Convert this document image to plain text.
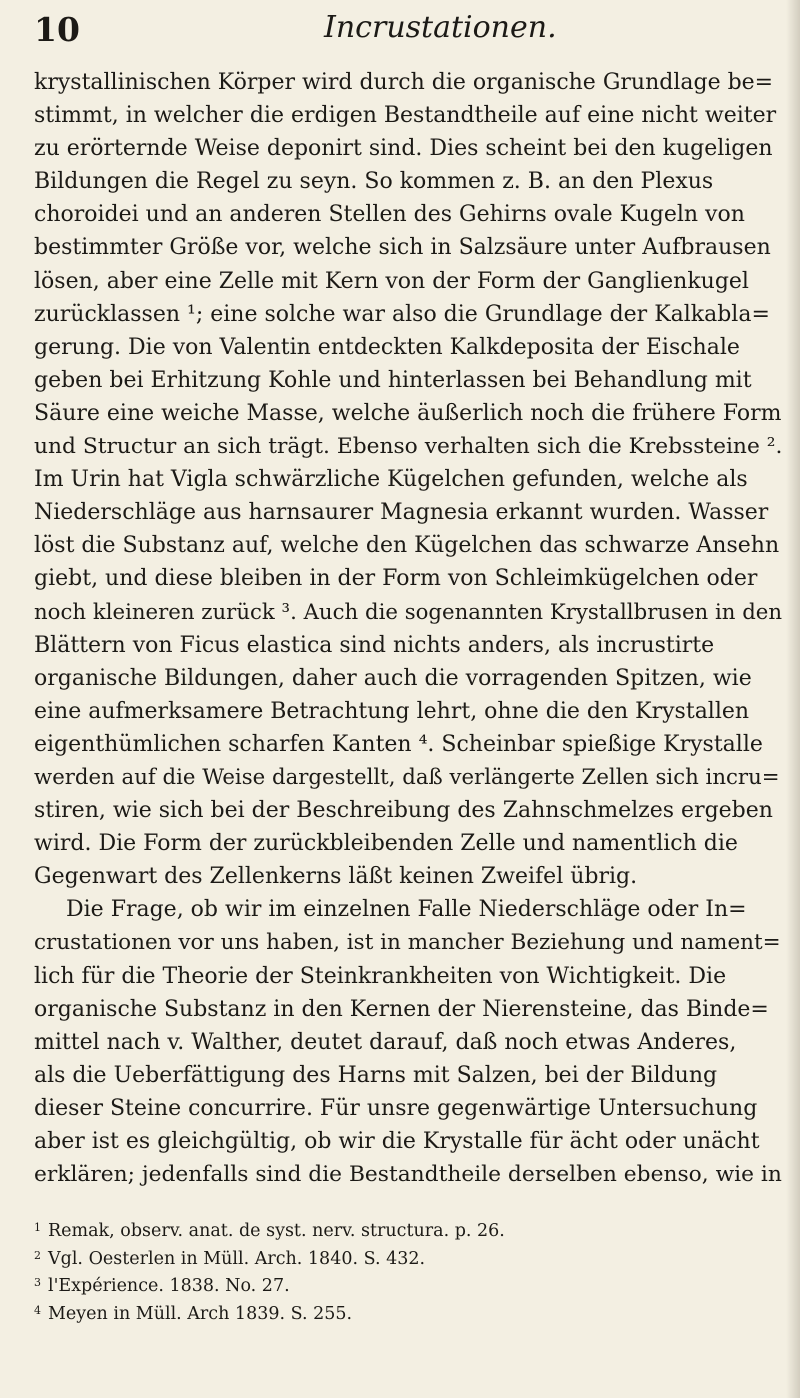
10	Incrustationen.
krystallinischen Körper wird durch die organische Grundlage be=
stimmt, in welcher die erdigen Bestandtheile auf eine nicht weiter
zu erörternde Weise deponirt sind. Dies scheint bei den kugeligen
Bildungen die Regel zu seyn. So kommen z. B. an den Plexus
choroidei und an anderen Stellen des Gehirns ovale Kugeln von
bestimmter Größe vor, welche sich in Salzsäure unter Aufbrausen
lösen, aber eine Zelle mit Kern von der Form der Ganglienkugel
zurücklassen ¹; eine solche war also die Grundlage der Kalkabla=
gerung. Die von Valentin entdeckten Kalkdeposita der Eischale
geben bei Erhitzung Kohle und hinterlassen bei Behandlung mit
Säure eine weiche Masse, welche äußerlich noch die frühere Form
und Structur an sich trägt. Ebenso verhalten sich die Krebssteine ².
Im Urin hat Vigla schwärzliche Kügelchen gefunden, welche als
Niederschläge aus harnsaurer Magnesia erkannt wurden. Wasser
löst die Substanz auf, welche den Kügelchen das schwarze Ansehn
giebt, und diese bleiben in der Form von Schleimkügelchen oder
noch kleineren zurück ³. Auch die sogenannten Krystallbrusen in den
Blättern von Ficus elastica sind nichts anders, als incrustirte
organische Bildungen, daher auch die vorragenden Spitzen, wie
eine aufmerksamere Betrachtung lehrt, ohne die den Krystallen
eigenthümlichen scharfen Kanten ⁴. Scheinbar spießige Krystalle
werden auf die Weise dargestellt, daß verlängerte Zellen sich incru=
stiren, wie sich bei der Beschreibung des Zahnschmelzes ergeben
wird. Die Form der zurückbleibenden Zelle und namentlich die
Gegenwart des Zellenkerns läßt keinen Zweifel übrig.
Die Frage, ob wir im einzelnen Falle Niederschläge oder In=
crustationen vor uns haben, ist in mancher Beziehung und nament=
lich für die Theorie der Steinkrankheiten von Wichtigkeit. Die
organische Substanz in den Kernen der Nierensteine, das Binde=
mittel nach v. Walther, deutet darauf, daß noch etwas Anderes,
als die Ueberfättigung des Harns mit Salzen, bei der Bildung
dieser Steine concurrire. Für unsre gegenwärtige Untersuchung
aber ist es gleichgültig, ob wir die Krystalle für ächt oder unächt
erklären; jedenfalls sind die Bestandtheile derselben ebenso, wie in
1 Remak, observ. anat. de syst. nerv. structura. p. 26.
2 Vgl. Oesterlen in Müll. Arch. 1840. S. 432.
3 l'Expérience. 1838. No. 27.
4 Meyen in Müll. Arch 1839. S. 255.
